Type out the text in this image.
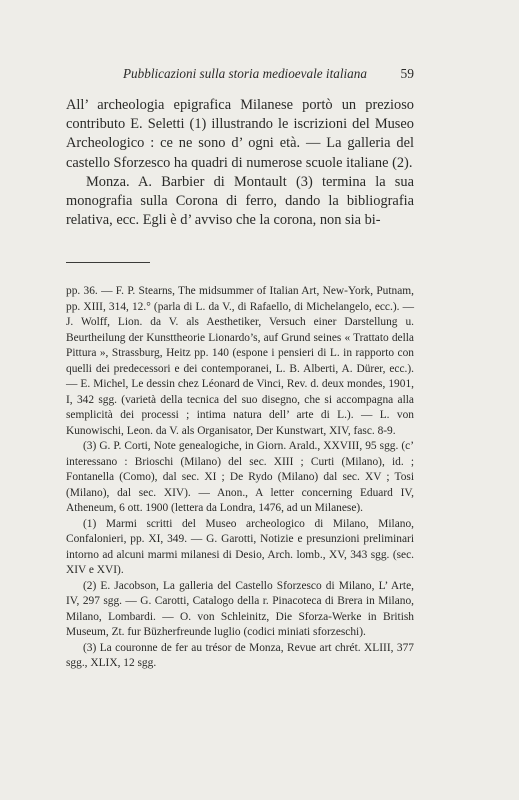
Pubblicazioni sulla storia medioevale italiana 59

All’ archeologia epigrafica Milanese portò un prezioso contributo E. Seletti (1) illustrando le iscrizioni del Museo Archeologico : ce ne sono d’ ogni età. — La galleria del castello Sforzesco ha quadri di numerose scuole italiane (2).

Monza. A. Barbier di Montault (3) termina la sua monografia sulla Corona di ferro, dando la bibliografia relativa, ecc. Egli è d’ avviso che la corona, non sia bi-

pp. 36. — F. P. Stearns, The midsummer of Italian Art, New-York, Putnam, pp. XIII, 314, 12.° (parla di L. da V., di Rafaello, di Michelangelo, ecc.). — J. Wolff, Lion. da V. als Aesthetiker, Versuch einer Darstellung u. Beurtheilung der Kunsttheorie Lionardo’s, auf Grund seines « Trattato della Pittura », Strassburg, Heitz pp. 140 (espone i pensieri di L. in rapporto con quelli dei predecessori e dei contemporanei, L. B. Alberti, A. Dürer, ecc.). — E. Michel, Le dessin chez Léonard de Vinci, Rev. d. deux mondes, 1901, I, 342 sgg. (varietà della tecnica del suo disegno, che si accompagna alla semplicità dei processi ; intima natura dell’ arte di L.). — L. von Kunowischi, Leon. da V. als Organisator, Der Kunstwart, XIV, fasc. 8-9.

(3) G. P. Corti, Note genealogiche, in Giorn. Arald., XXVIII, 95 sgg. (c’ interessano : Brioschi (Milano) del sec. XIII ; Curti (Milano), id. ; Fontanella (Como), dal sec. XI ; De Rydo (Milano) dal sec. XV ; Tosi (Milano), dal sec. XIV). — Anon., A letter concerning Eduard IV, Atheneum, 6 ott. 1900 (lettera da Londra, 1476, ad un Milanese).

(1) Marmi scritti del Museo archeologico di Milano, Milano, Confalonieri, pp. XI, 349. — G. Garotti, Notizie e presunzioni preliminari intorno ad alcuni marmi milanesi di Desio, Arch. lomb., XV, 343 sgg. (sec. XIV e XVI).

(2) E. Jacobson, La galleria del Castello Sforzesco di Milano, L’ Arte, IV, 297 sgg. — G. Carotti, Catalogo della r. Pinacoteca di Brera in Milano, Milano, Lombardi. — O. von Schleinitz, Die Sforza-Werke in British Museum, Zt. fur Büzherfreunde luglio (codici miniati sforzeschi).

(3) La couronne de fer au trésor de Monza, Revue art chrét. XLIII, 377 sgg., XLIX, 12 sgg.
